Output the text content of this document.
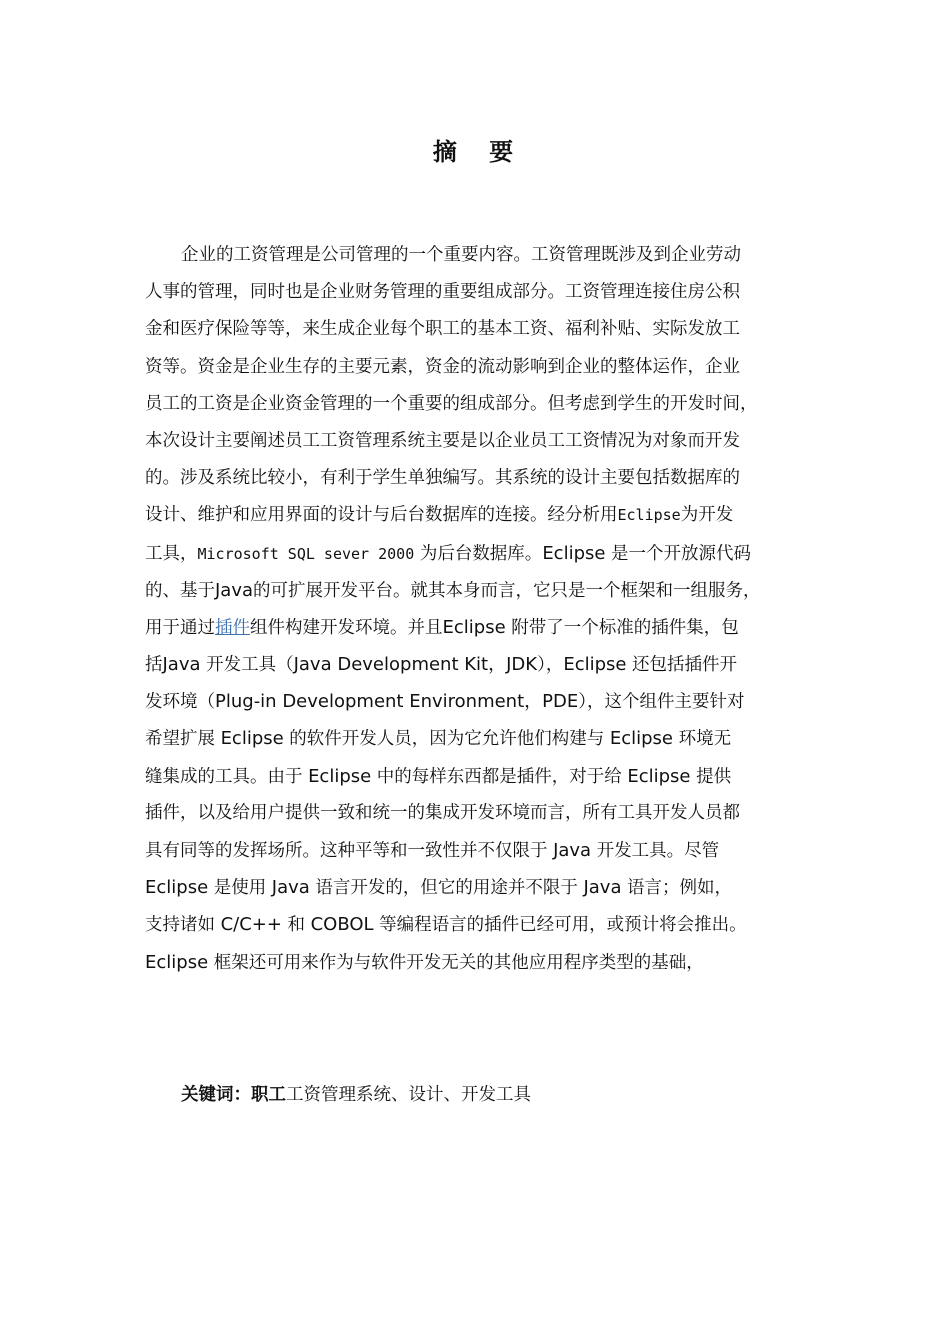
摘 要
企业的工资管理是公司管理的一个重要内容。工资管理既涉及到企业劳动
人事的管理，同时也是企业财务管理的重要组成部分。工资管理连接住房公积
金和医疗保险等等，来生成企业每个职工的基本工资、福利补贴、实际发放工
资等。资金是企业生存的主要元素，资金的流动影响到企业的整体运作，企业
员工的工资是企业资金管理的一个重要的组成部分。但考虑到学生的开发时间，
本次设计主要阐述员工工资管理系统主要是以企业员工工资情况为对象而开发
的。涉及系统比较小，有利于学生单独编写。其系统的设计主要包括数据库的
设计、维护和应用界面的设计与后台数据库的连接。经分析用Eclipse为开发
工具，Microsoft SQL sever 2000 为后台数据库。Eclipse 是一个开放源代码
的、基于Java的可扩展开发平台。就其本身而言，它只是一个框架和一组服务，
用于通过插件组件构建开发环境。并且Eclipse 附带了一个标准的插件集，包
括Java 开发工具（Java Development Kit，JDK），Eclipse 还包括插件开
发环境（Plug-in Development Environment，PDE），这个组件主要针对
希望扩展 Eclipse 的软件开发人员，因为它允许他们构建与 Eclipse 环境无
缝集成的工具。由于 Eclipse 中的每样东西都是插件，对于给 Eclipse 提供
插件，以及给用户提供一致和统一的集成开发环境而言，所有工具开发人员都
具有同等的发挥场所。这种平等和一致性并不仅限于 Java 开发工具。尽管
Eclipse 是使用 Java 语言开发的，但它的用途并不限于 Java 语言；例如，
支持诸如 C/C++ 和 COBOL 等编程语言的插件已经可用，或预计将会推出。
Eclipse 框架还可用来作为与软件开发无关的其他应用程序类型的基础，
关键词：职工工资管理系统、设计、开发工具
